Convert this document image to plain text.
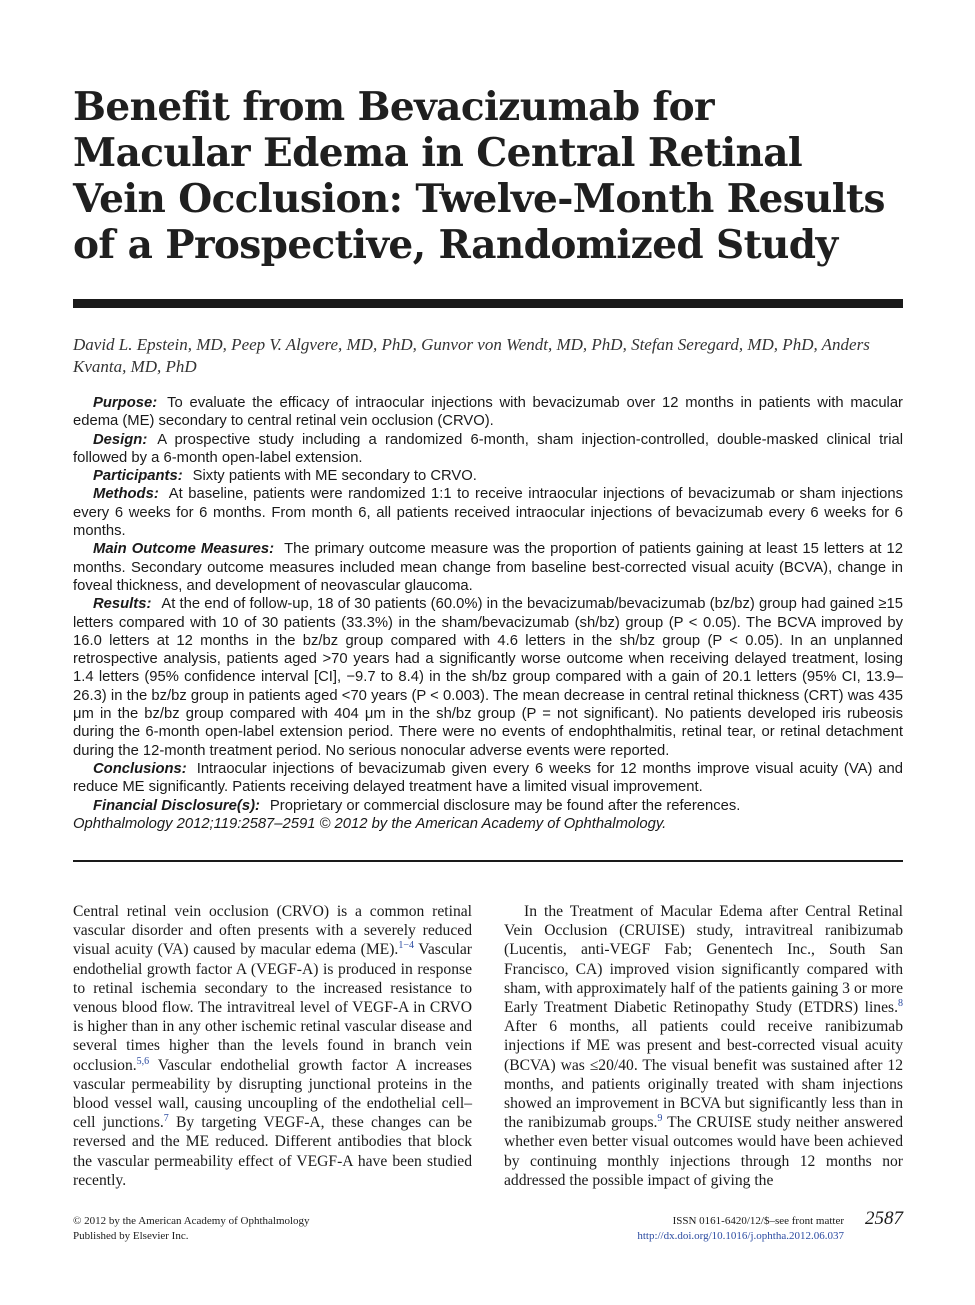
Benefit from Bevacizumab for Macular Edema in Central Retinal Vein Occlusion: Twelve-Month Results of a Prospective, Randomized Study
David L. Epstein, MD, Peep V. Algvere, MD, PhD, Gunvor von Wendt, MD, PhD, Stefan Seregard, MD, PhD, Anders Kvanta, MD, PhD

Purpose: To evaluate the efficacy of intraocular injections with bevacizumab over 12 months in patients with macular edema (ME) secondary to central retinal vein occlusion (CRVO).

Design: A prospective study including a randomized 6-month, sham injection-controlled, double-masked clinical trial followed by a 6-month open-label extension.

Participants: Sixty patients with ME secondary to CRVO.

Methods: At baseline, patients were randomized 1:1 to receive intraocular injections of bevacizumab or sham injections every 6 weeks for 6 months. From month 6, all patients received intraocular injections of bevacizumab every 6 weeks for 6 months.

Main Outcome Measures: The primary outcome measure was the proportion of patients gaining at least 15 letters at 12 months. Secondary outcome measures included mean change from baseline best-corrected visual acuity (BCVA), change in foveal thickness, and development of neovascular glaucoma.

Results: At the end of follow-up, 18 of 30 patients (60.0%) in the bevacizumab/bevacizumab (bz/bz) group had gained ≥15 letters compared with 10 of 30 patients (33.3%) in the sham/bevacizumab (sh/bz) group (P < 0.05). The BCVA improved by 16.0 letters at 12 months in the bz/bz group compared with 4.6 letters in the sh/bz group (P < 0.05). In an unplanned retrospective analysis, patients aged >70 years had a significantly worse outcome when receiving delayed treatment, losing 1.4 letters (95% confidence interval [CI], −9.7 to 8.4) in the sh/bz group compared with a gain of 20.1 letters (95% CI, 13.9–26.3) in the bz/bz group in patients aged <70 years (P < 0.003). The mean decrease in central retinal thickness (CRT) was 435 μm in the bz/bz group compared with 404 μm in the sh/bz group (P = not significant). No patients developed iris rubeosis during the 6-month open-label extension period. There were no events of endophthalmitis, retinal tear, or retinal detachment during the 12-month treatment period. No serious nonocular adverse events were reported.

Conclusions: Intraocular injections of bevacizumab given every 6 weeks for 12 months improve visual acuity (VA) and reduce ME significantly. Patients receiving delayed treatment have a limited visual improvement.

Financial Disclosure(s): Proprietary or commercial disclosure may be found after the references.

Ophthalmology 2012;119:2587–2591 © 2012 by the American Academy of Ophthalmology.

Central retinal vein occlusion (CRVO) is a common retinal vascular disorder and often presents with a severely reduced visual acuity (VA) caused by macular edema (ME).$^{1-4}$ Vascular endothelial growth factor A (VEGF-A) is produced in response to retinal ischemia secondary to the increased resistance to venous blood flow. The intravitreal level of VEGF-A in CRVO is higher than in any other ischemic retinal vascular disease and several times higher than the levels found in branch vein occlusion.$^{5,6}$ Vascular endothelial growth factor A increases vascular permeability by disrupting junctional proteins in the blood vessel wall, causing uncoupling of the endothelial cell–cell junctions.$^7$ By targeting VEGF-A, these changes can be reversed and the ME reduced. Different antibodies that block the vascular permeability effect of VEGF-A have been studied recently.

In the Treatment of Macular Edema after Central Retinal Vein Occlusion (CRUISE) study, intravitreal ranibizumab (Lucentis, anti-VEGF Fab; Genentech Inc., South San Francisco, CA) improved vision significantly compared with sham, with approximately half of the patients gaining 3 or more Early Treatment Diabetic Retinopathy Study (ETDRS) lines.$^8$ After 6 months, all patients could receive ranibizumab injections if ME was present and best-corrected visual acuity (BCVA) was ≤20/40. The visual benefit was sustained after 12 months, and patients originally treated with sham injections showed an improvement in BCVA but significantly less than in the ranibizumab groups.$^9$ The CRUISE study neither answered whether even better visual outcomes would have been achieved by continuing monthly injections through 12 months nor addressed the possible impact of giving the

© 2012 by the American Academy of Ophthalmology
Published by Elsevier Inc.
ISSN 0161-6420/12/$–see front matter
http://dx.doi.org/10.1016/j.ophtha.2012.06.037
2587
